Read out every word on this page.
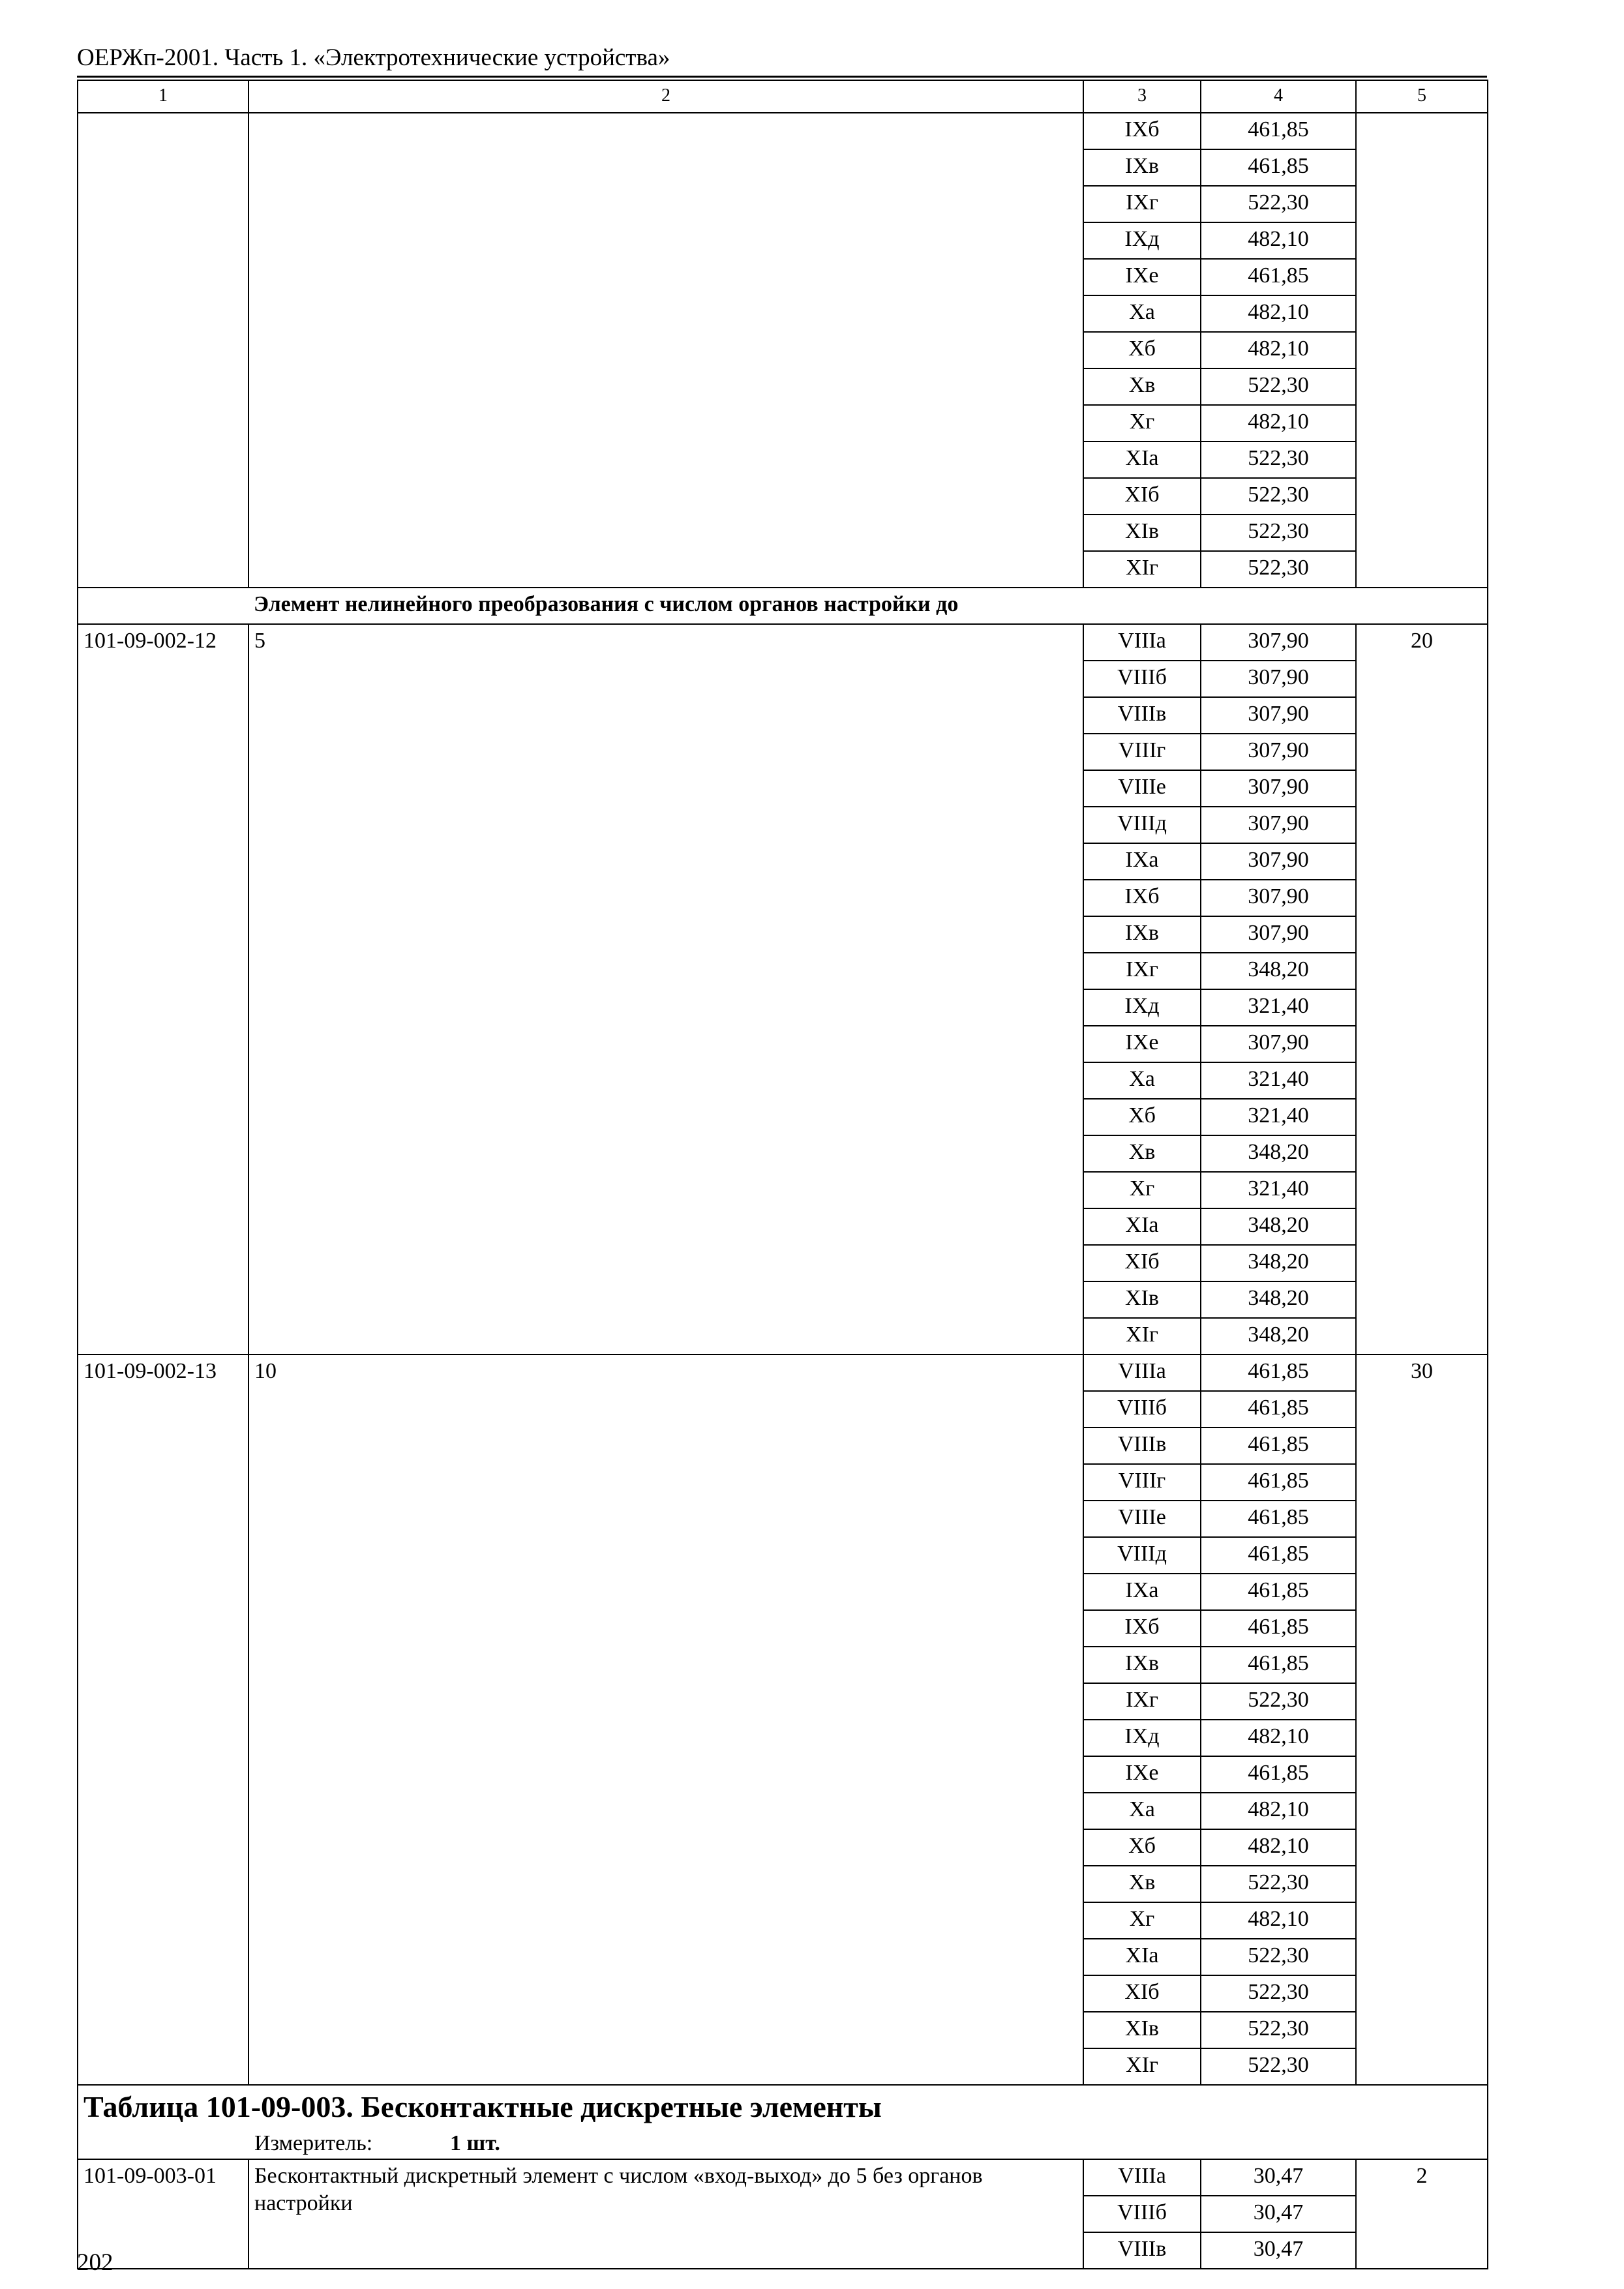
ОЕРЖп-2001. Часть 1. «Электротехнические устройства»
1	2	3	4	5
		IXб	461,85	
		IXв	461,85	
		IXг	522,30	
		IXд	482,10	
		IXе	461,85	
		Xа	482,10	
		Xб	482,10	
		Xв	522,30	
		Xг	482,10	
		XIа	522,30	
		XIб	522,30	
		XIв	522,30	
		XIг	522,30	
	Элемент нелинейного преобразования с числом органов настройки до			
101-09-002-12	5	VIIIа	307,90	20
		VIIIб	307,90	
		VIIIв	307,90	
		VIIIг	307,90	
		VIIIе	307,90	
		VIIIд	307,90	
		IXа	307,90	
		IXб	307,90	
		IXв	307,90	
		IXг	348,20	
		IXд	321,40	
		IXе	307,90	
		Xа	321,40	
		Xб	321,40	
		Xв	348,20	
		Xг	321,40	
		XIа	348,20	
		XIб	348,20	
		XIв	348,20	
		XIг	348,20	
101-09-002-13	10	VIIIа	461,85	30
		VIIIб	461,85	
		VIIIв	461,85	
		VIIIг	461,85	
		VIIIе	461,85	
		VIIIд	461,85	
		IXа	461,85	
		IXб	461,85	
		IXв	461,85	
		IXг	522,30	
		IXд	482,10	
		IXе	461,85	
		Xа	482,10	
		Xб	482,10	
		Xв	522,30	
		Xг	482,10	
		XIа	522,30	
		XIб	522,30	
		XIв	522,30	
		XIг	522,30	

Таблица 101-09-003. Бесконтактные дискретные элементы
Измеритель: 1 шт.				

101-09-003-01	Бесконтактный дискретный элемент с числом «вход-выход» до 5 без органов настройки	VIIIа	30,47	2
		VIIIб	30,47	
		VIIIв	30,47	
202
